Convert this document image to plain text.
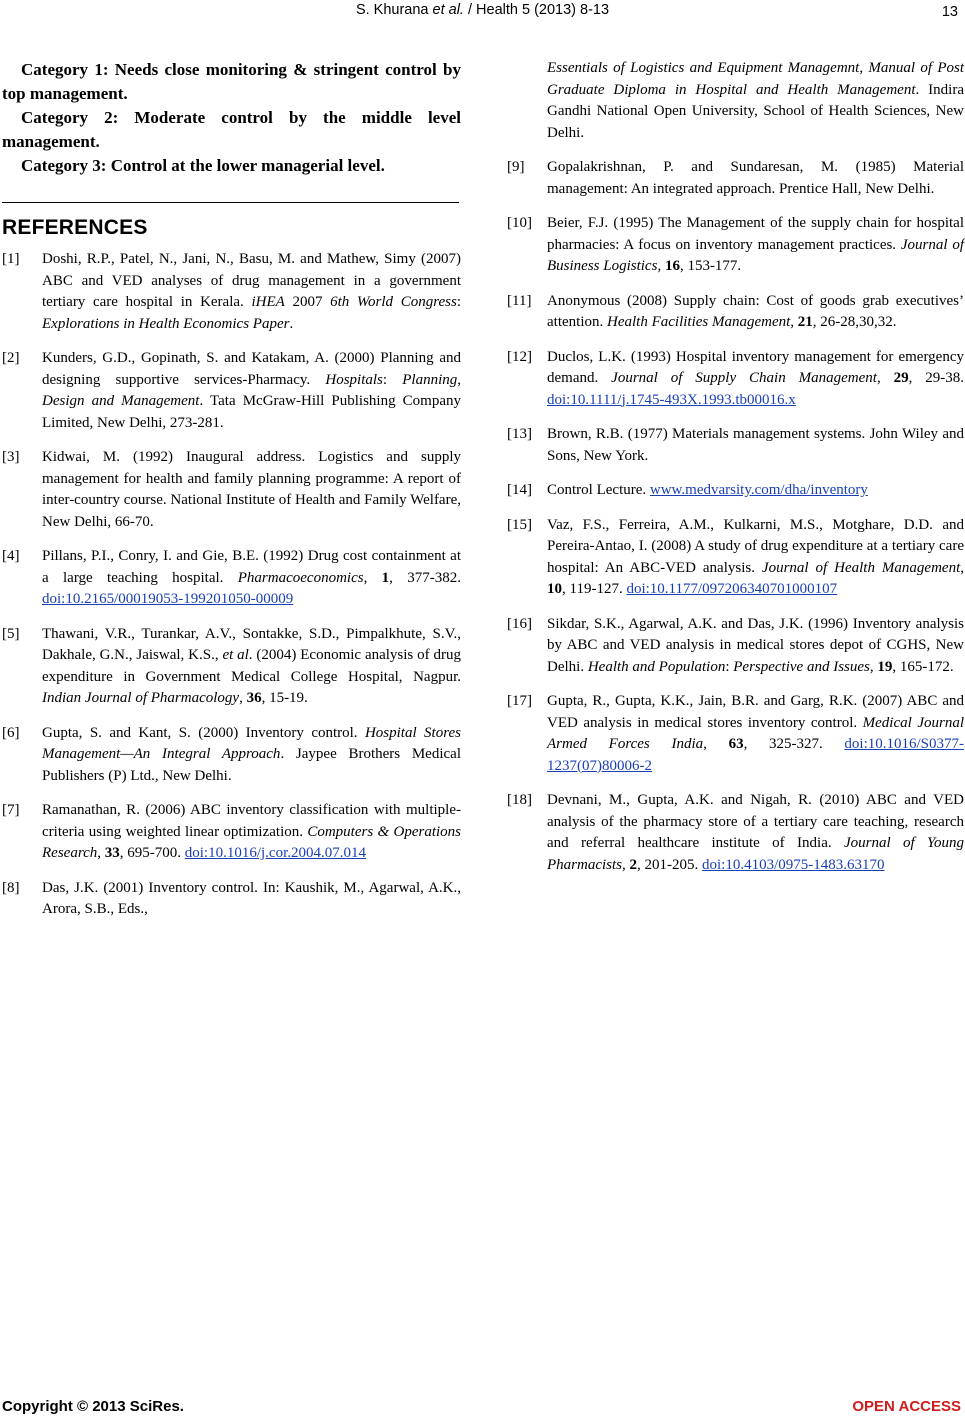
S. Khurana et al. / Health 5 (2013) 8-13	13

Category 1: Needs close monitoring & stringent control by top management.

Category 2: Moderate control by the middle level management.

Category 3: Control at the lower managerial level.

REFERENCES
[1] Doshi, R.P., Patel, N., Jani, N., Basu, M. and Mathew, Simy (2007) ABC and VED analyses of drug management in a government tertiary care hospital in Kerala. iHEA 2007 6th World Congress: Explorations in Health Economics Paper.
[2] Kunders, G.D., Gopinath, S. and Katakam, A. (2000) Planning and designing supportive services-Pharmacy. Hospitals: Planning, Design and Management. Tata McGraw-Hill Publishing Company Limited, New Delhi, 273-281.
[3] Kidwai, M. (1992) Inaugural address. Logistics and supply management for health and family planning programme: A report of inter-country course. National Institute of Health and Family Welfare, New Delhi, 66-70.
[4] Pillans, P.I., Conry, I. and Gie, B.E. (1992) Drug cost containment at a large teaching hospital. Pharmacoeconomics, 1, 377-382. doi:10.2165/00019053-199201050-00009
[5] Thawani, V.R., Turankar, A.V., Sontakke, S.D., Pimpalkhute, S.V., Dakhale, G.N., Jaiswal, K.S., et al. (2004) Economic analysis of drug expenditure in Government Medical College Hospital, Nagpur. Indian Journal of Pharmacology, 36, 15-19.
[6] Gupta, S. and Kant, S. (2000) Inventory control. Hospital Stores Management—An Integral Approach. Jaypee Brothers Medical Publishers (P) Ltd., New Delhi.
[7] Ramanathan, R. (2006) ABC inventory classification with multiple-criteria using weighted linear optimization. Computers & Operations Research, 33, 695-700. doi:10.1016/j.cor.2004.07.014
[8] Das, J.K. (2001) Inventory control. In: Kaushik, M., Agarwal, A.K., Arora, S.B., Eds.,
Essentials of Logistics and Equipment Managemnt, Manual of Post Graduate Diploma in Hospital and Health Management. Indira Gandhi National Open University, School of Health Sciences, New Delhi.
[9] Gopalakrishnan, P. and Sundaresan, M. (1985) Material management: An integrated approach. Prentice Hall, New Delhi.
[10] Beier, F.J. (1995) The Management of the supply chain for hospital pharmacies: A focus on inventory management practices. Journal of Business Logistics, 16, 153-177.
[11] Anonymous (2008) Supply chain: Cost of goods grab executives’ attention. Health Facilities Management, 21, 26-28,30,32.
[12] Duclos, L.K. (1993) Hospital inventory management for emergency demand. Journal of Supply Chain Management, 29, 29-38. doi:10.1111/j.1745-493X.1993.tb00016.x
[13] Brown, R.B. (1977) Materials management systems. John Wiley and Sons, New York.
[14] Control Lecture. www.medvarsity.com/dha/inventory
[15] Vaz, F.S., Ferreira, A.M., Kulkarni, M.S., Motghare, D.D. and Pereira-Antao, I. (2008) A study of drug expenditure at a tertiary care hospital: An ABC-VED analysis. Journal of Health Management, 10, 119-127. doi:10.1177/097206340701000107
[16] Sikdar, S.K., Agarwal, A.K. and Das, J.K. (1996) Inventory analysis by ABC and VED analysis in medical stores depot of CGHS, New Delhi. Health and Population: Perspective and Issues, 19, 165-172.
[17] Gupta, R., Gupta, K.K., Jain, B.R. and Garg, R.K. (2007) ABC and VED analysis in medical stores inventory control. Medical Journal Armed Forces India, 63, 325-327. doi:10.1016/S0377-1237(07)80006-2
[18] Devnani, M., Gupta, A.K. and Nigah, R. (2010) ABC and VED analysis of the pharmacy store of a tertiary care teaching, research and referral healthcare institute of India. Journal of Young Pharmacists, 2, 201-205. doi:10.4103/0975-1483.63170
Copyright © 2013 SciRes.	OPEN ACCESS
